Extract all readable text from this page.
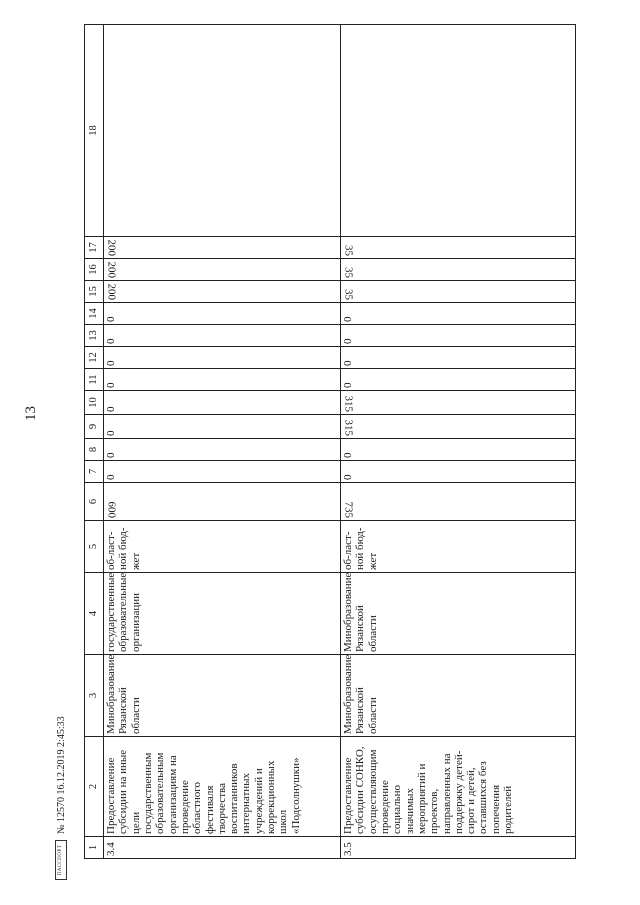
13
1	2	3	4	5	6	7	8	9	10	11	12	13	14	15	16	17	18
3.4	Предоставление субсидии на иные цели государственным образовательным организациям на проведение областного фестиваля творчества воспитанников интернатных учреждений и коррекционных школ «Подсолнушки»	Минобразование Рязанской области	государственные образовательные организации	об-ласт-ной бюд-жет	600	0	0	0	0	0	0	0	0	200	200	200	
3.5	Предоставление субсидии СОНКО, осуществляющим проведение социально значимых мероприятий и проектов, направленных на поддержку детей-сирот и детей, оставшихся без попечения родителей	Минобразование Рязанской области	Минобразование Рязанской области	об-ласт-ной бюд-жет	735	0	0	315	315	0	0	0	0	35	35	35	
ПАССПОРТ
№ 12570 16.12.2019 2:45:33
